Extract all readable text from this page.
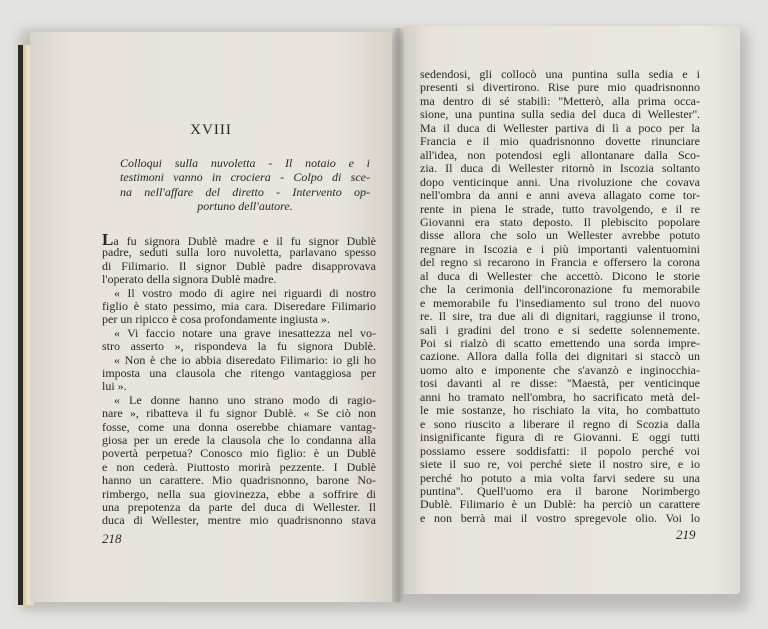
XVIII
Colloqui sulla nuvoletta - Il notaio e i
testimoni vanno in crociera - Colpo di sce-
na nell'affare del diretto - Intervento op-
portuno dell'autore.
La fu signora Dublè madre e il fu signor Dublè
padre, seduti sulla loro nuvoletta, parlavano spesso
di Filimario. Il signor Dublè padre disapprovava
l'operato della signora Dublè madre.
« Il vostro modo di agire nei riguardi di nostro
figlio è stato pessimo, mia cara. Diseredare Filimario
per un ripicco è cosa profondamente ingiusta ».
« Vi faccio notare una grave inesattezza nel vo-
stro asserto », rispondeva la fu signora Dublè.
« Non è che io abbia diseredato Filimario: io gli ho
imposta una clausola che ritengo vantaggiosa per
lui ».
« Le donne hanno uno strano modo di ragio-
nare », ribatteva il fu signor Dublè. « Se ciò non
fosse, come una donna oserebbe chiamare vantag-
giosa per un erede la clausola che lo condanna alla
povertà perpetua? Conosco mio figlio: è un Dublè
e non cederà. Piuttosto morirà pezzente. I Dublè
hanno un carattere. Mio quadrisnonno, barone No-
rimbergo, nella sua giovinezza, ebbe a soffrire di
una prepotenza da parte del duca di Wellester. Il
duca di Wellester, mentre mio quadrisnonno stava
218
sedendosi, gli collocò una puntina sulla sedia e i
presenti si divertirono. Rise pure mio quadrisnonno
ma dentro di sé stabilì: ''Metterò, alla prima occa-
sione, una puntina sulla sedia del duca di Wellester''.
Ma il duca di Wellester partiva di lì a poco per la
Francia e il mio quadrisnonno dovette rinunciare
all'idea, non potendosi egli allontanare dalla Sco-
zia. Il duca di Wellester ritornò in Iscozia soltanto
dopo venticinque anni. Una rivoluzione che covava
nell'ombra da anni e anni aveva allagato come tor-
rente in piena le strade, tutto travolgendo, e il re
Giovanni era stato deposto. Il plebiscito popolare
disse allora che solo un Wellester avrebbe potuto
regnare in Iscozia e i più importanti valentuomini
del regno si recarono in Francia e offersero la corona
al duca di Wellester che accettò. Dicono le storie
che la cerimonia dell'incoronazione fu memorabile
e memorabile fu l'insediamento sul trono del nuovo
re. Il sire, tra due ali di dignitari, raggiunse il trono,
salì i gradini del trono e si sedette solennemente.
Poi si rialzò di scatto emettendo una sorda impre-
cazione. Allora dalla folla dei dignitari si staccò un
uomo alto e imponente che s'avanzò e inginocchia-
tosi davanti al re disse: ''Maestà, per venticinque
anni ho tramato nell'ombra, ho sacrificato metà del-
le mie sostanze, ho rischiato la vita, ho combattuto
e sono riuscito a liberare il regno di Scozia dalla
insignificante figura di re Giovanni. E oggi tutti
possiamo essere soddisfatti: il popolo perché voi
siete il suo re, voi perché siete il nostro sire, e io
perché ho potuto a mia volta farvi sedere su una
puntina''. Quell'uomo era il barone Norimbergo
Dublè. Filimario è un Dublè: ha perciò un carattere
e non berrà mai il vostro spregevole olio. Voi lo
219
